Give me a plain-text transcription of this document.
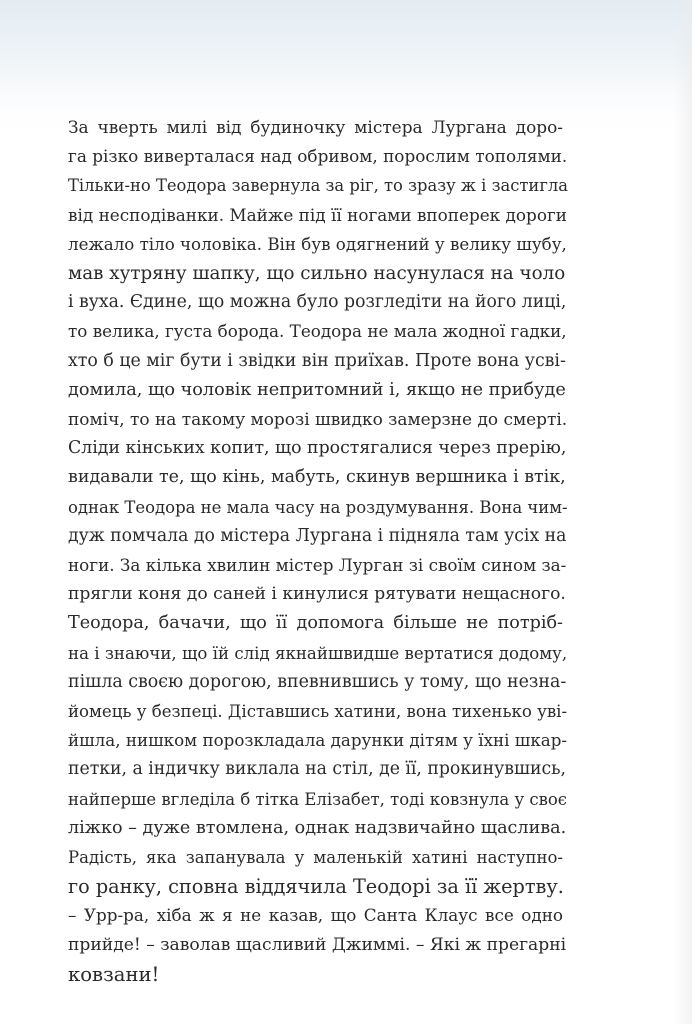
За чверть милі від будиночку містера Лургана доро-
га різко виверталася над обривом, порослим тополями.
Тільки-но Теодора завернула за ріг, то зразу ж і застигла
від несподіванки. Майже під її ногами впоперек дороги
лежало тіло чоловіка. Він був одягнений у велику шубу,
мав хутряну шапку, що сильно насунулася на чоло
і вуха. Єдине, що можна було розгледіти на його лиці,
то велика, густа борода. Теодора не мала жодної гадки,
хто б це міг бути і звідки він приїхав. Проте вона усві-
домила, що чоловік непритомний і, якщо не прибуде
поміч, то на такому морозі швидко замерзне до смерті.
Сліди кінських копит, що простягалися через прерію,
видавали те, що кінь, мабуть, скинув вершника і втік,
однак Теодора не мала часу на роздумування. Вона чим-
дуж помчала до містера Лургана і підняла там усіх на
ноги. За кілька хвилин містер Лурган зі своїм сином за-
прягли коня до саней і кинулися рятувати нещасного.

Теодора, бачачи, що її допомога більше не потріб-
на і знаючи, що їй слід якнайшвидше вертатися додому,
пішла своєю дорогою, впевнившись у тому, що незна-
йомець у безпеці. Діставшись хатини, вона тихенько уві-
йшла, нишком порозкладала дарунки дітям у їхні шкар-
петки, а індичку виклала на стіл, де її, прокинувшись,
найперше вгледіла б тітка Елізабет, тоді ковзнула у своє
ліжко – дуже втомлена, однак надзвичайно щаслива.

Радість, яка запанувала у маленькій хатині наступно-
го ранку, сповна віддячила Теодорі за її жертву.

– Урр-ра, хіба ж я не казав, що Санта Клаус все одно
прийде! – заволав щасливий Джиммі. – Які ж прегарні
ковзани!
